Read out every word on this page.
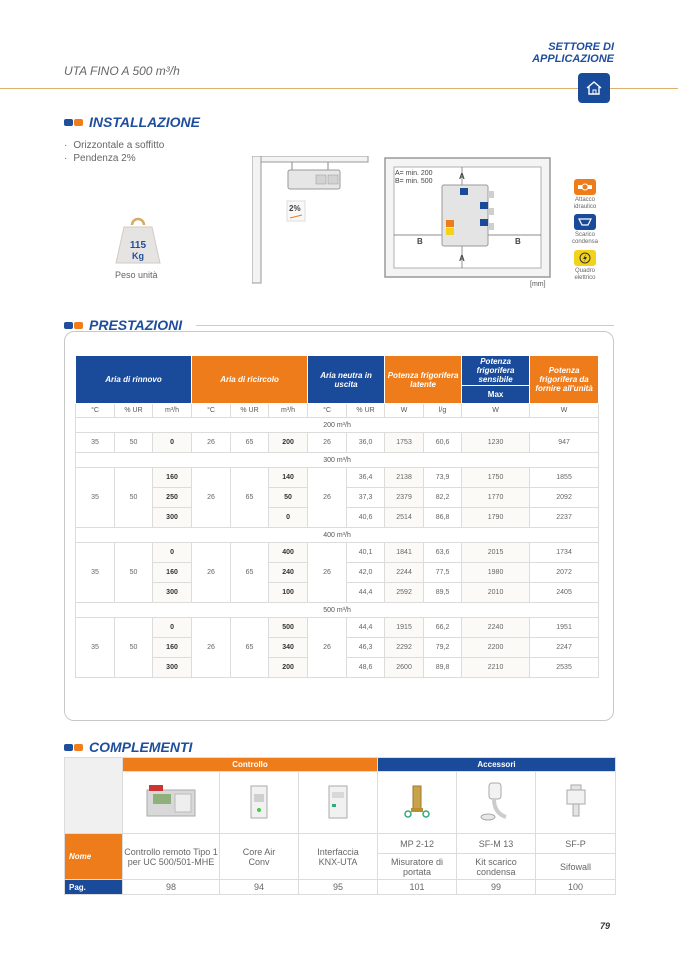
UTA FINO A 500 m³/h
SETTORE DI
APPLICAZIONE
INSTALLAZIONE
· Orizzontale a soffitto
· Pendenza 2%
115
Kg
Peso unità
2%
A= min. 200
B= min. 500
A
A
B	B
[mm]
Attacco
idraulico
Scarico
condensa
Quadro
elettrico
PRESTAZIONI
Aria di rinnovo			Aria di ricircolo			Aria neutra in uscita		Potenza frigorifera latente		Potenza frigorifera sensibile	Potenza frigorifera da fornire all'unità
										Max	
°C	% UR	m³/h	°C	% UR	m³/h	°C	% UR	W	l/g	W	W
200 m³/h											
35	50	0	26	65	200	26	36,0	1753	60,6	1230	947
300 m³/h											
35	50	160	26	65	140	26	36,4	2138	73,9	1750	1855
		250			50		37,3	2379	82,2	1770	2092
		300			0		40,6	2514	86,8	1790	2237
400 m³/h											
35	50	0	26	65	400	26	40,1	1841	63,6	2015	1734
		160			240		42,0	2244	77,5	1980	2072
		300			100		44,4	2592	89,5	2010	2405
500 m³/h											
35	50	0	26	65	500	26	44,4	1915	66,2	2240	1951
		160			340		46,3	2292	79,2	2200	2247
		300			200		48,6	2600	89,8	2210	2535
COMPLEMENTI
	Controllo			Accessori		

Nome	Controllo remoto Tipo 1 per UC 500/501-MHE	Core Air Conv	Interfaccia KNX-UTA	MP 2-12	SF-M 13	SF-P
				Misuratore di portata	Kit scarico condensa	Sifowall
Pag.	98	94	95	101	99	100
79
